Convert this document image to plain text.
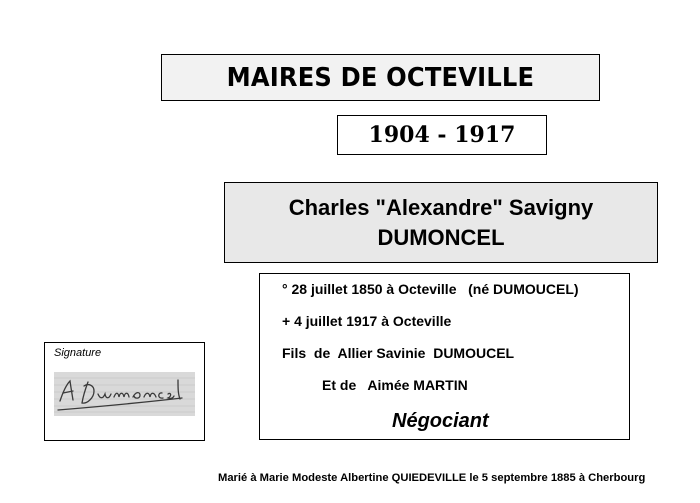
MAIRES DE OCTEVILLE
1904 - 1917
Charles "Alexandre" Savigny
DUMONCEL
° 28 juillet 1850 à Octeville   (né DUMOUCEL)
+ 4 juillet 1917 à Octeville
Fils  de  Allier Savinie  DUMOUCEL
Et de   Aimée MARTIN
Négociant
Signature
Marié à Marie Modeste Albertine QUIEDEVILLE le 5 septembre 1885 à Cherbourg
